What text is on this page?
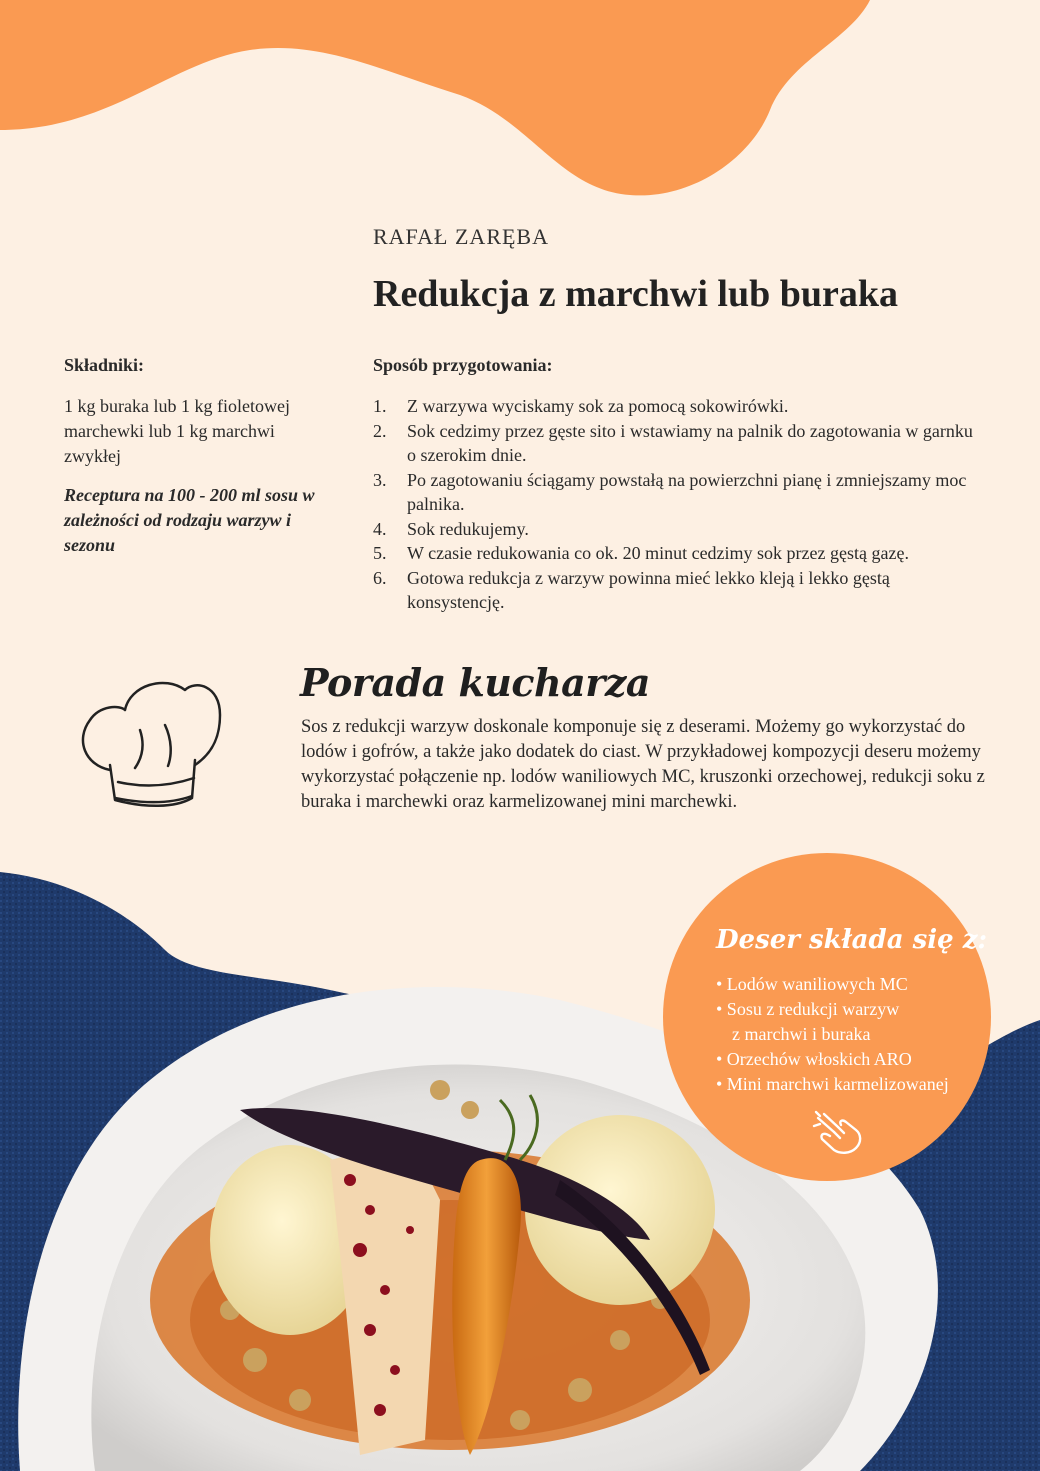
RAFAŁ ZARĘBA
Redukcja z marchwi lub buraka
Składniki:

1 kg buraka lub 1 kg fioletowej marchewki lub 1 kg marchwi zwykłej

Receptura na 100 - 200 ml sosu w zależności od rodzaju warzyw i sezonu

Sposób przygotowania:
1.	Z warzywa wyciskamy sok za pomocą sokowirówki.
2.	Sok cedzimy przez gęste sito i wstawiamy na palnik do zagotowania w garnku o szerokim dnie.
3.	Po zagotowaniu ściągamy powstałą na powierzchni pianę i zmniejszamy moc palnika.
4.	Sok redukujemy.
5.	W czasie redukowania co ok. 20 minut cedzimy sok przez gęstą gazę.
6.	Gotowa redukcja z warzyw powinna mieć lekko kleją i lekko gęstą konsystencję.
Porada kucharza

Sos z redukcji warzyw doskonale komponuje się z deserami. Możemy go wykorzystać do lodów i gofrów, a także jako dodatek do ciast. W przykładowej kompozycji deseru możemy wykorzystać połączenie np. lodów waniliowych MC, kruszonki orzechowej, redukcji soku z buraka i marchewki oraz karmelizowanej mini marchewki.

Deser składa się z:
• Lodów waniliowych MC
• Sosu z redukcji warzyw
z marchwi i buraka
• Orzechów włoskich ARO
• Mini marchwi karmelizowanej
